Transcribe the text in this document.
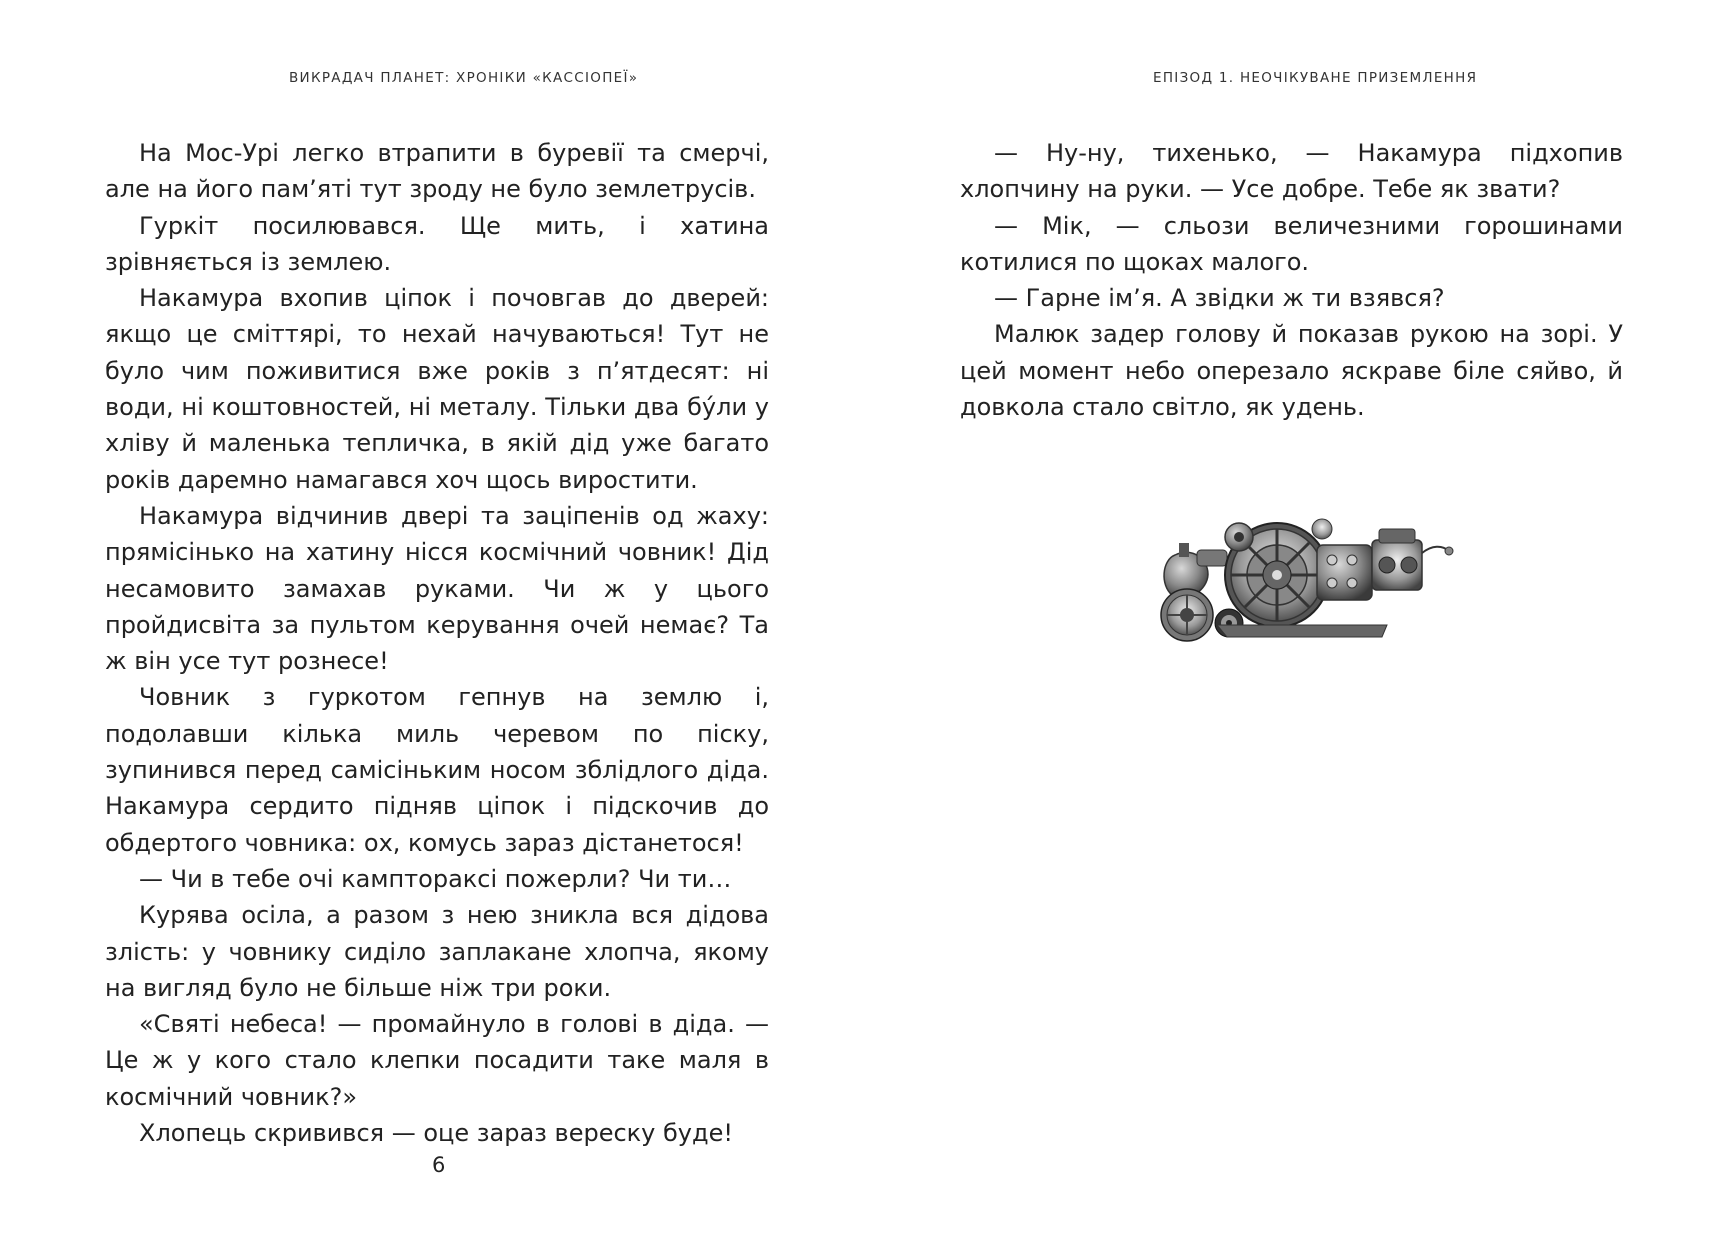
ВИКРАДАЧ ПЛАНЕТ: ХРОНІКИ «КАССІОПЕЇ»

На Мос-Урі легко втрапити в буревії та смерчі, але на його пам’яті тут зроду не було землетрусів.

Гуркіт посилювався. Ще мить, і хатина зрівняється із землею.

Накамура вхопив ціпок і почовгав до дверей: якщо це сміттярі, то нехай начуваються! Тут не було чим поживитися вже років з п’ятдесят: ні води, ні коштовностей, ні металу. Тільки два бу́ли у хліву й маленька тепличка, в якій дід уже багато років даремно намагався хоч щось виростити.

Накамура відчинив двері та заціпенів од жаху: прямісінько на хатину нісся космічний човник! Дід несамовито замахав руками. Чи ж у цього пройдисвіта за пультом керування очей немає? Та ж він усе тут рознесе!

Човник з гуркотом гепнув на землю і, подолавши кілька миль черевом по піску, зупинився перед самісіньким носом зблідлого діда. Накамура сердито підняв ціпок і підскочив до обдертого човника: ох, комусь зараз дістанетося!

— Чи в тебе очі камптораксі пожерли? Чи ти…

Курява осіла, а разом з нею зникла вся дідова злість: у човнику сиділо заплакане хлопча, якому на вигляд було не більше ніж три роки.

«Святі небеса! — промайнуло в голові в діда. — Це ж у кого стало клепки посадити таке маля в космічний човник?»

Хлопець скривився — оце зараз вереску буде!

6
ЕПІЗОД 1. НЕОЧІКУВАНЕ ПРИЗЕМЛЕННЯ

— Ну-ну, тихенько, — Накамура підхопив хлопчину на руки. — Усе добре. Тебе як звати?

— Мік, — сльози величезними горошинами котилися по щоках малого.

— Гарне ім’я. А звідки ж ти взявся?

Малюк задер голову й показав рукою на зорі. У цей момент небо оперезало яскраве біле сяйво, й довкола стало світло, як удень.
